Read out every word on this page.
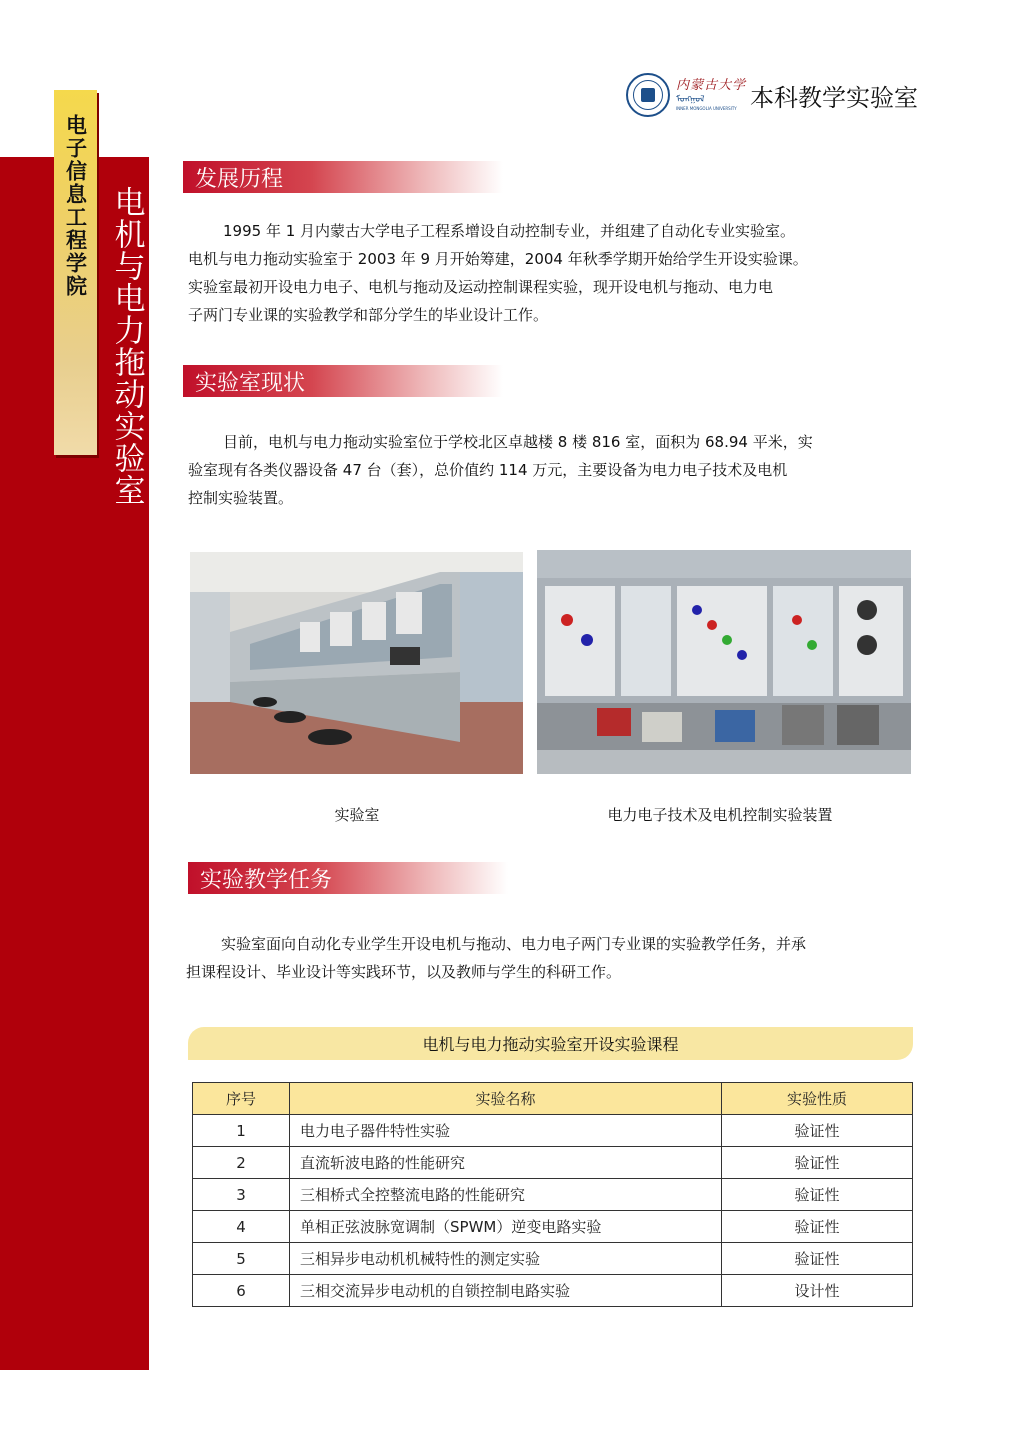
电子信息工程学院 电机与电力拖动实验室
内蒙古大学
ᠮᠣᠩᠭᠣᠯ
INNER MONGOLIA UNIVERSITY 本科教学实验室
发展历程
1995 年 1 月内蒙古大学电子工程系增设自动控制专业，并组建了自动化专业实验室。
电机与电力拖动实验室于 2003 年 9 月开始筹建，2004 年秋季学期开始给学生开设实验课。
实验室最初开设电力电子、电机与拖动及运动控制课程实验，现开设电机与拖动、电力电
子两门专业课的实验教学和部分学生的毕业设计工作。
实验室现状
目前，电机与电力拖动实验室位于学校北区卓越楼 8 楼 816 室，面积为 68.94 平米，实
验室现有各类仪器设备 47 台（套），总价值约 114 万元，主要设备为电力电子技术及电机
控制实验装置。
实验室	电力电子技术及电机控制实验装置
实验教学任务
实验室面向自动化专业学生开设电机与拖动、电力电子两门专业课的实验教学任务，并承
担课程设计、毕业设计等实践环节，以及教师与学生的科研工作。
电机与电力拖动实验室开设实验课程
序号	实验名称	实验性质
1	电力电子器件特性实验	验证性
2	直流斩波电路的性能研究	验证性
3	三相桥式全控整流电路的性能研究	验证性
4	单相正弦波脉宽调制（SPWM）逆变电路实验	验证性
5	三相异步电动机机械特性的测定实验	验证性
6	三相交流异步电动机的自锁控制电路实验	设计性
